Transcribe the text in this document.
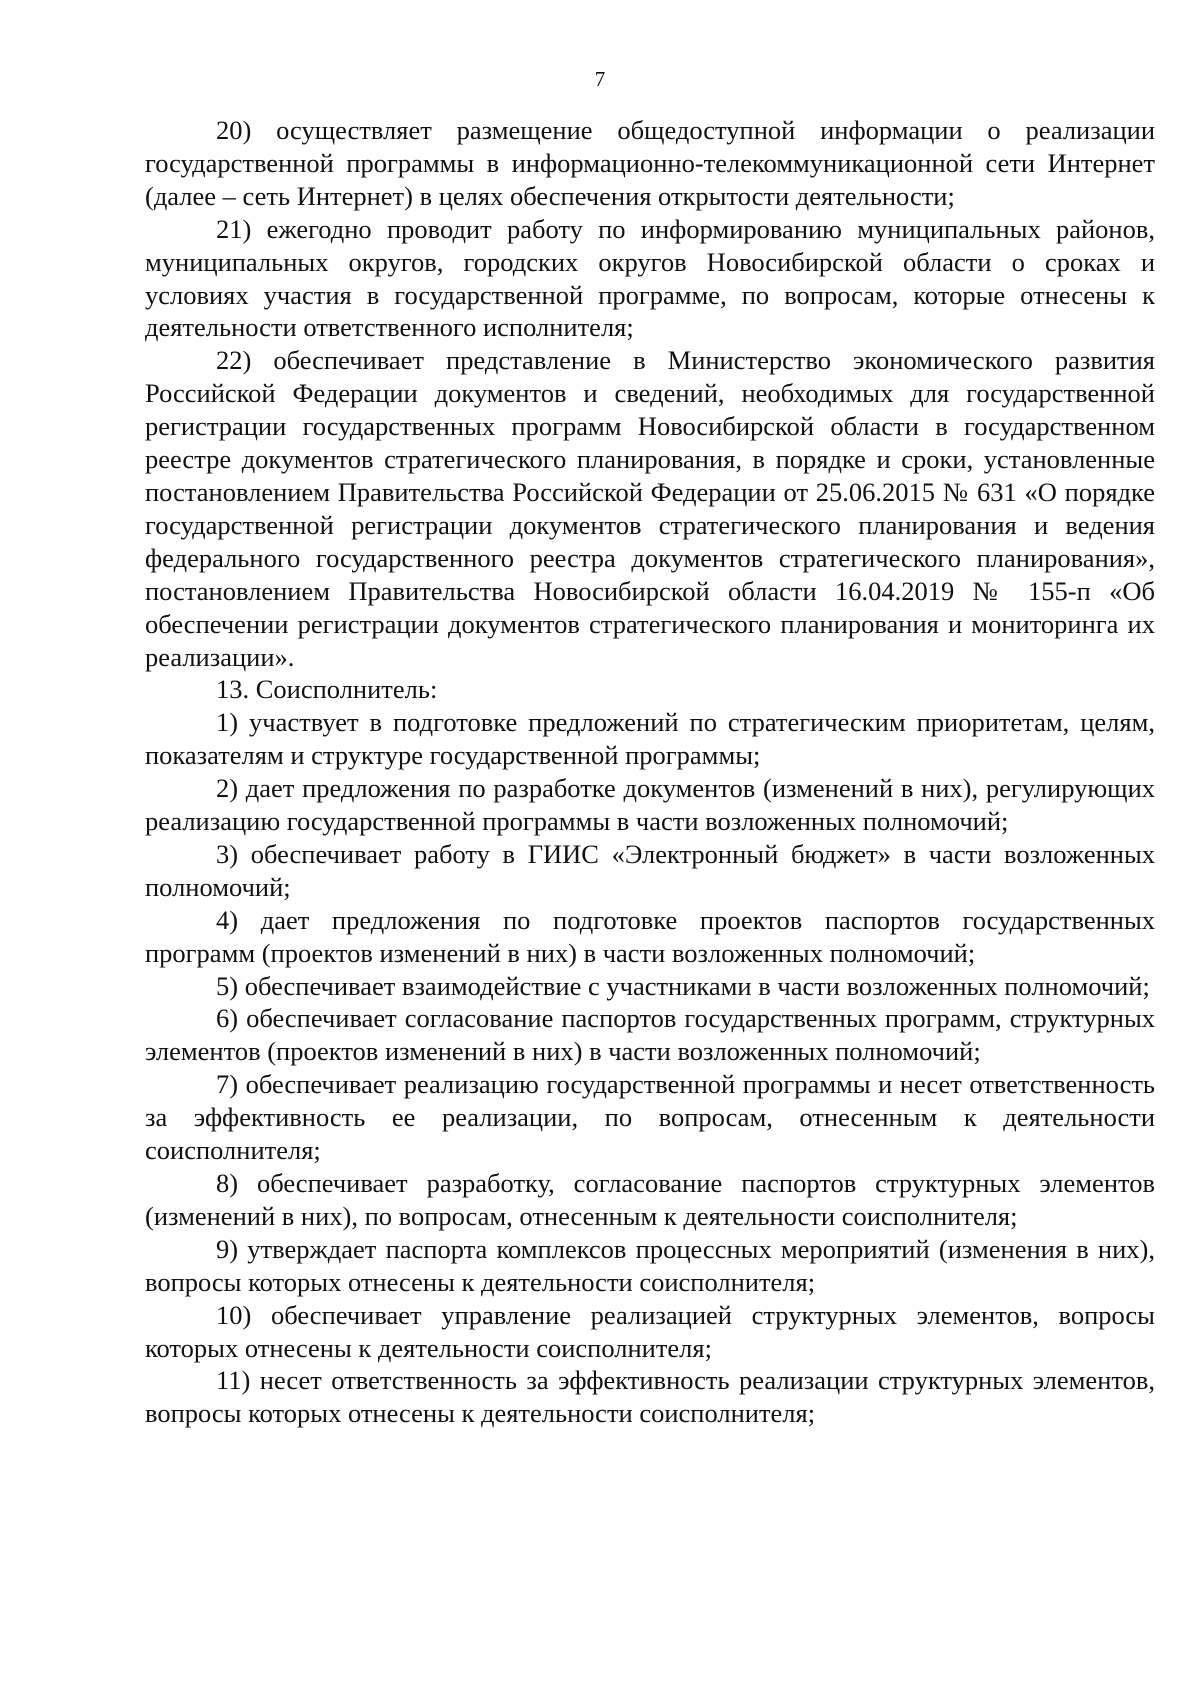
7

20) осуществляет размещение общедоступной информации о реализации государственной программы в информационно-телекоммуникационной сети Интернет (далее – сеть Интернет) в целях обеспечения открытости деятельности;

21) ежегодно проводит работу по информированию муниципальных районов, муниципальных округов, городских округов Новосибирской области о сроках и условиях участия в государственной программе, по вопросам, которые отнесены к деятельности ответственного исполнителя;

22) обеспечивает представление в Министерство экономического развития Российской Федерации документов и сведений, необходимых для государственной регистрации государственных программ Новосибирской области в государственном реестре документов стратегического планирования, в порядке и сроки, установленные постановлением Правительства Российской Федерации от 25.06.2015 № 631 «О порядке государственной регистрации документов стратегического планирования и ведения федерального государственного реестра документов стратегического планирования», постановлением Правительства Новосибирской области 16.04.2019 № 155-п «Об обеспечении регистрации документов стратегического планирования и мониторинга их реализации».

13. Соисполнитель:

1) участвует в подготовке предложений по стратегическим приоритетам, целям, показателям и структуре государственной программы;

2) дает предложения по разработке документов (изменений в них), регулирующих реализацию государственной программы в части возложенных полномочий;

3) обеспечивает работу в ГИИС «Электронный бюджет» в части возложенных полномочий;

4) дает предложения по подготовке проектов паспортов государственных программ (проектов изменений в них) в части возложенных полномочий;

5) обеспечивает взаимодействие с участниками в части возложенных полномочий;

6) обеспечивает согласование паспортов государственных программ, структурных элементов (проектов изменений в них) в части возложенных полномочий;

7) обеспечивает реализацию государственной программы и несет ответственность за эффективность ее реализации, по вопросам, отнесенным к деятельности соисполнителя;

8) обеспечивает разработку, согласование паспортов структурных элементов (изменений в них), по вопросам, отнесенным к деятельности соисполнителя;

9) утверждает паспорта комплексов процессных мероприятий (изменения в них), вопросы которых отнесены к деятельности соисполнителя;

10) обеспечивает управление реализацией структурных элементов, вопросы которых отнесены к деятельности соисполнителя;

11) несет ответственность за эффективность реализации структурных элементов, вопросы которых отнесены к деятельности соисполнителя;
